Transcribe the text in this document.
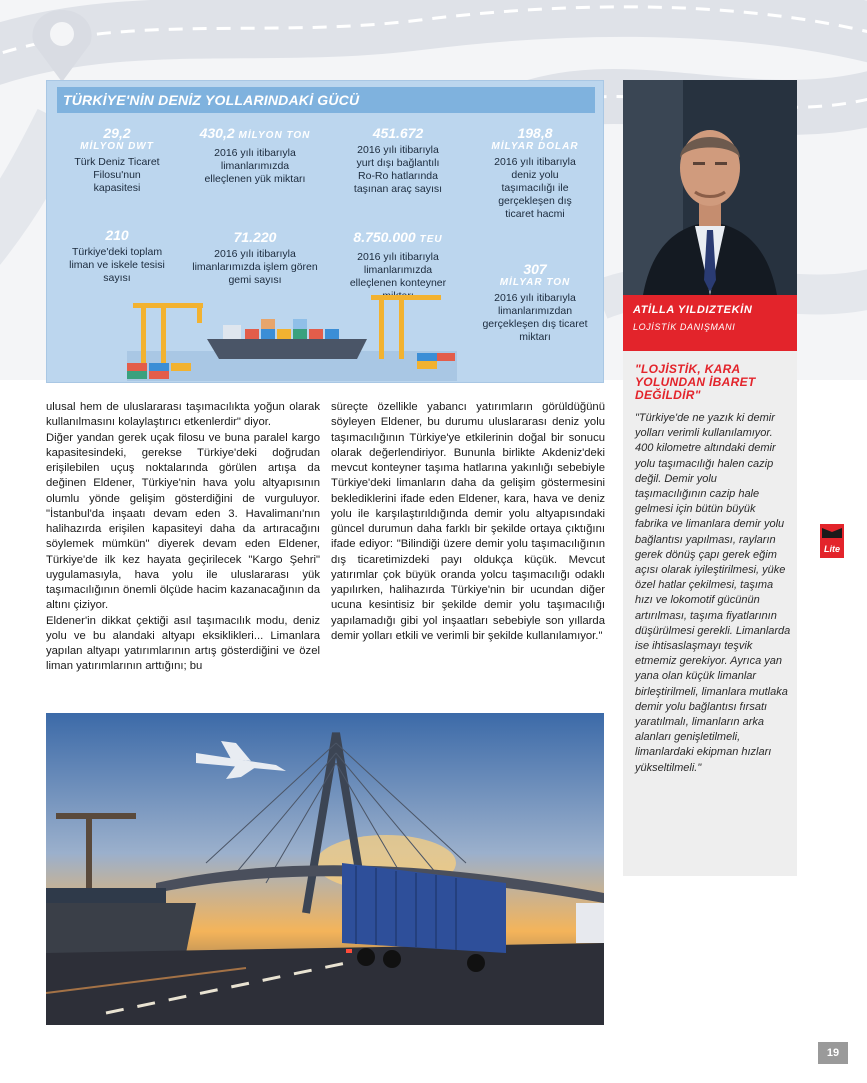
TÜRKİYE'NİN DENİZ YOLLARINDAKİ GÜCÜ
29,2
MİLYON DWT
Türk Deniz Ticaret Filosu'nun kapasitesi
430,2 MİLYON TON
2016 yılı itibarıyla limanlarımızda elleçlenen yük miktarı
451.672
2016 yılı itibarıyla yurt dışı bağlantılı Ro-Ro hatlarında taşınan araç sayısı
198,8
MİLYAR DOLAR
2016 yılı itibarıyla deniz yolu taşımacılığı ile gerçekleşen dış ticaret hacmi
210
Türkiye'deki toplam liman ve iskele tesisi sayısı
71.220
2016 yılı itibarıyla limanlarımızda işlem gören gemi sayısı
8.750.000 TEU
2016 yılı itibarıyla limanlarımızda elleçlenen konteyner
307
MİLYAR TON
2016 yılı itibarıyla limanlarımızdan gerçekleşen dış ticaret miktarı
ATİLLA YILDIZTEKİN
LOJİSTİK DANIŞMANI
"LOJİSTİK, KARA YOLUNDAN İBARET DEĞİLDİR"
"Türkiye'de ne yazık ki demir yolları verimli kullanılamıyor. 400 kilometre altındaki demir yolu taşımacılığı halen cazip değil. Demir yolu taşımacılığının cazip hale gelmesi için bütün büyük fabrika ve limanlara demir yolu bağlantısı yapılması, rayların gerek dönüş çapı gerek eğim açısı olarak iyileştirilmesi, yüke özel hatlar çekilmesi, taşıma hızı ve lokomotif gücünün artırılması, taşıma fiyatlarının düşürülmesi gerekli. Limanlarda ise ihtisaslaşmayı teşvik etmemiz gerekiyor. Ayrıca yan yana olan küçük limanlar birleştirilmeli, limanlara mutlaka demir yolu bağlantısı fırsatı yaratılmalı, limanların arka alanları genişletilmeli, limanlardaki ekipman hızları yükseltilmeli."

ulusal hem de uluslararası taşımacılıkta yoğun olarak kullanılmasını kolaylaştırıcı etkenlerdir" diyor.

Diğer yandan gerek uçak filosu ve buna paralel kargo kapasitesindeki, gerekse Türkiye'deki doğrudan erişilebilen uçuş noktalarında görülen artışa da değinen Eldener, Türkiye'nin hava yolu altyapısının olumlu yönde gelişim gösterdiğini de vurguluyor. "İstanbul'da inşaatı devam eden 3. Havalimanı'nın halihazırda erişilen kapasiteyi daha da artıracağını söylemek mümkün" diyerek devam eden Eldener, Türkiye'de ilk kez hayata geçirilecek "Kargo Şehri" uygulamasıyla, hava yolu ile uluslararası yük taşımacılığının önemli ölçüde hacim kazanacağının da altını çiziyor.

Eldener'in dikkat çektiği asıl taşımacılık modu, deniz yolu ve bu alandaki altyapı eksiklikleri... Limanlara yapılan altyapı yatırımlarının artış gösterdiğini ve özel liman yatırımlarının arttığını; bu

süreçte özellikle yabancı yatırımların görüldüğünü söyleyen Eldener, bu durumu uluslararası deniz yolu taşımacılığının Türkiye'ye etkilerinin doğal bir sonucu olarak değerlendiriyor. Bununla birlikte Akdeniz'deki mevcut konteyner taşıma hatlarına yakınlığı sebebiyle Türkiye'deki limanların daha da gelişim göstermesini beklediklerini ifade eden Eldener, kara, hava ve deniz yolu ile karşılaştırıldığında demir yolu altyapısındaki güncel durumun daha farklı bir şekilde ortaya çıktığını ifade ediyor: "Bilindiği üzere demir yolu taşımacılığının dış ticaretimizdeki payı oldukça küçük. Mevcut yatırımlar çok büyük oranda yolcu taşımacılığı odaklı yapılırken, halihazırda Türkiye'nin bir ucundan diğer ucuna kesintisiz bir şekilde demir yolu taşımacılığı yapılamadığı gibi yol inşaatları sebebiyle son yıllarda demir yolları etkili ve verimli bir şekilde kullanılamıyor."

Lite
19
